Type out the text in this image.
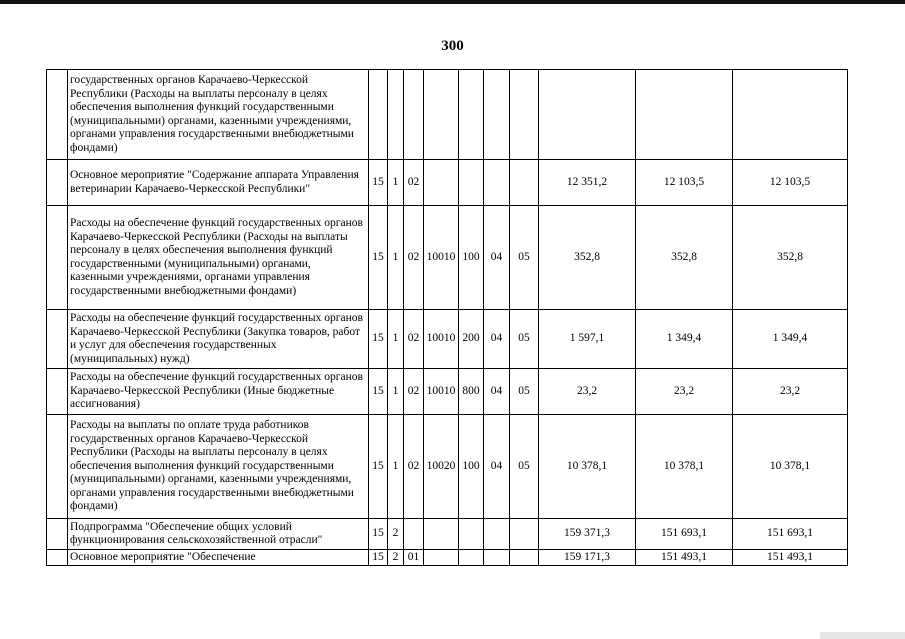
300
	государственных органов Карачаево-Черкесской Республики (Расходы на выплаты персоналу в целях обеспечения выполнения функций государственными (муниципальными) органами, казенными учреждениями, органами управления государственными внебюджетными фондами)										
	Основное мероприятие "Содержание аппарата Управления ветеринарии Карачаево-Черкесской Республики"	15	1	02					12 351,2	12 103,5	12 103,5
	Расходы на обеспечение функций государственных органов Карачаево-Черкесской Республики (Расходы на выплаты персоналу в целях обеспечения выполнения функций государственными (муниципальными) органами, казенными учреждениями, органами управления государственными внебюджетными фондами)	15	1	02	10010	100	04	05	352,8	352,8	352,8
	Расходы на обеспечение функций государственных органов Карачаево-Черкесской Республики (Закупка товаров, работ и услуг для обеспечения государственных (муниципальных) нужд)	15	1	02	10010	200	04	05	1 597,1	1 349,4	1 349,4
	Расходы на обеспечение функций государственных органов Карачаево-Черкесской Республики (Иные бюджетные ассигнования)	15	1	02	10010	800	04	05	23,2	23,2	23,2
	Расходы на выплаты по оплате труда работников государственных органов Карачаево-Черкесской Республики (Расходы на выплаты персоналу в целях обеспечения выполнения функций государственными (муниципальными) органами, казенными учреждениями, органами управления государственными внебюджетными фондами)	15	1	02	10020	100	04	05	10 378,1	10 378,1	10 378,1
	Подпрограмма "Обеспечение общих условий функционирования сельскохозяйственной отрасли"	15	2						159 371,3	151 693,1	151 693,1
	Основное мероприятие "Обеспечение	15	2	01					159 171,3	151 493,1	151 493,1
